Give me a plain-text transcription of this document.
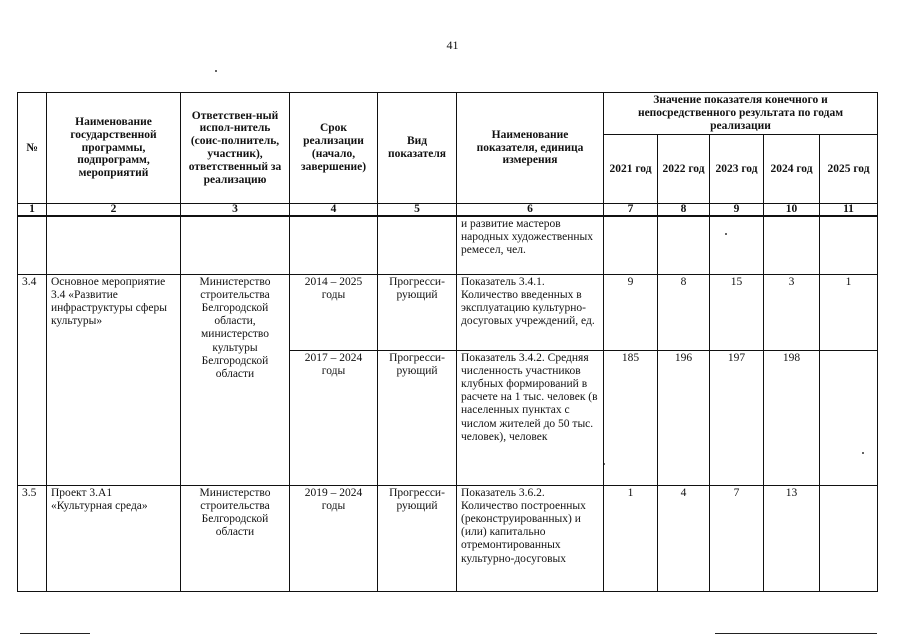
41
№	Наименование государственной программы, подпрограмм, мероприятий	Ответствен-ный испол-нитель (соис-полнитель, участник), ответственный за реализацию	Срок реализации (начало, завершение)	Вид показателя	Наименование показателя, единица измерения	Значение показателя конечного и непосредственного результата по годам реализации				
						2021 год	2022 год	2023 год	2024 год	2025 год
1	2	3	4	5	6	7	8	9	10	11
					и развитие мастеров народных художественных ремесел, чел.					
3.4	Основное мероприятие 3.4 «Развитие инфраструктуры сферы культуры»	Министерство строительства Белгородской области, министерство культуры Белгородской области	2014 – 2025 годы	Прогресси-рующий	Показатель 3.4.1. Количество введенных в эксплуатацию культурно-досуговых учреждений, ед.	9	8	15	3	1
			2017 – 2024 годы	Прогресси-рующий	Показатель 3.4.2. Средняя численность участников клубных формирований в расчете на 1 тыс. человек (в населенных пунктах с числом жителей до 50 тыс. человек), человек	185	196	197	198	
3.5	Проект 3.А1 «Культурная среда»	Министерство строительства Белгородской области	2019 – 2024 годы	Прогресси-рующий	Показатель 3.6.2. Количество построенных (реконструированных) и (или) капитально отремонтированных культурно-досуговых	1	4	7	13	
